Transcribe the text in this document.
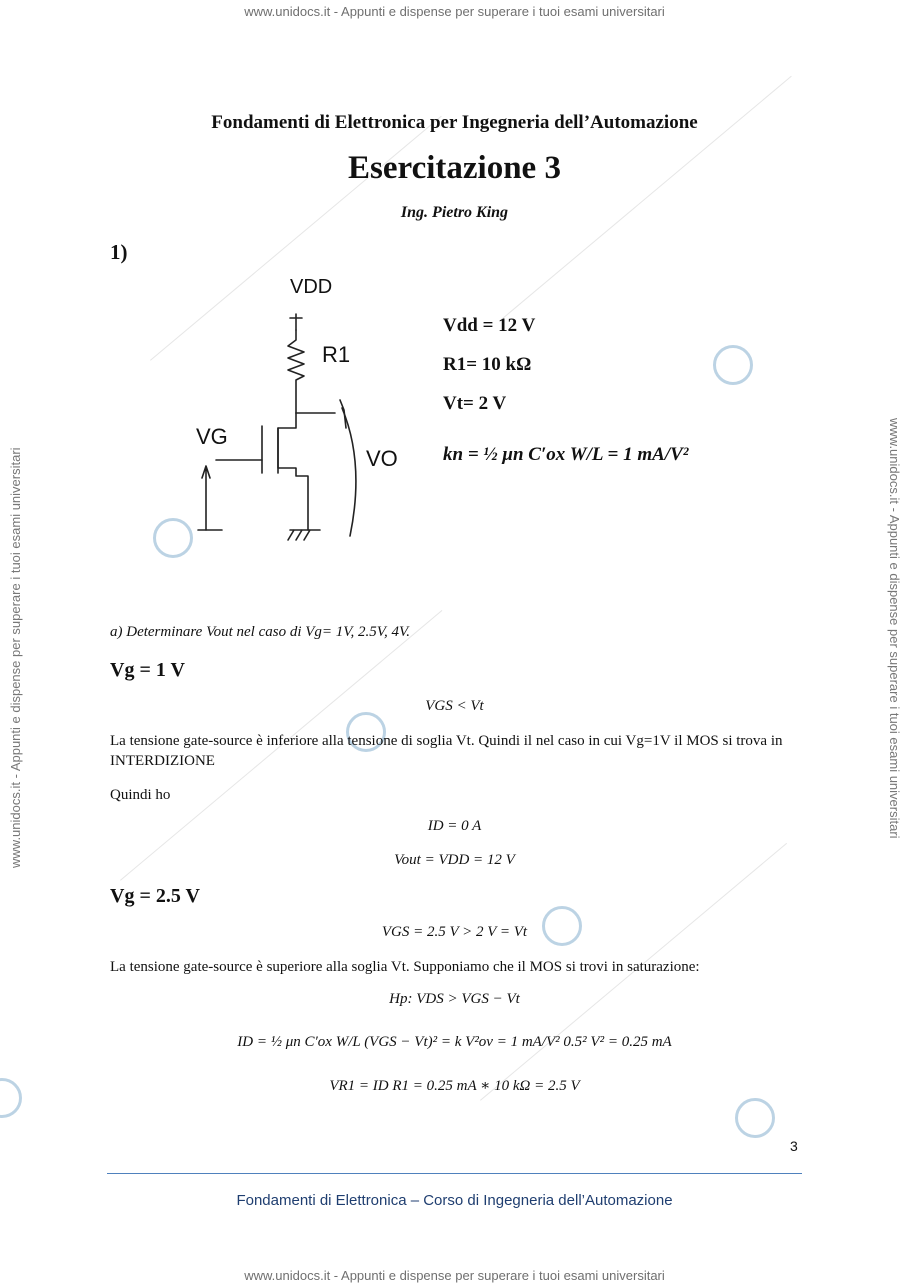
www.unidocs.it - Appunti e dispense per superare i tuoi esami universitari
www.unidocs.it - Appunti e dispense per superare i tuoi esami universitari
www.unidocs.it - Appunti e dispense per superare i tuoi esami universitari	www.unidocs.it - Appunti e dispense per superare i tuoi esami universitari
Fondamenti di Elettronica per Ingegneria dell’Automazione
Esercitazione 3
Ing. Pietro King
1)
VDD
R1
VG
VO
Vdd = 12 V
R1= 10 kΩ
Vt= 2 V
kn = ½ μn C′ox W/L = 1 mA/V²
a) Determinare Vout nel caso di Vg= 1V, 2.5V, 4V.
Vg = 1 V
VGS < Vt
La tensione gate-source è inferiore alla tensione di soglia Vt. Quindi il nel caso in cui Vg=1V il MOS si trova in INTERDIZIONE
Quindi ho
ID = 0 A
Vout = VDD = 12 V
Vg = 2.5 V
VGS = 2.5 V > 2 V = Vt
La tensione gate-source è superiore alla soglia Vt. Supponiamo che il MOS si trovi in saturazione:
Hp: VDS > VGS − Vt
ID = ½ μn C′ox W/L (VGS − Vt)² = k V²ov = 1 mA/V² 0.5² V² = 0.25 mA
VR1 = ID R1 = 0.25 mA ∗ 10 kΩ = 2.5 V
3
Fondamenti di Elettronica – Corso di Ingegneria dell’Automazione
